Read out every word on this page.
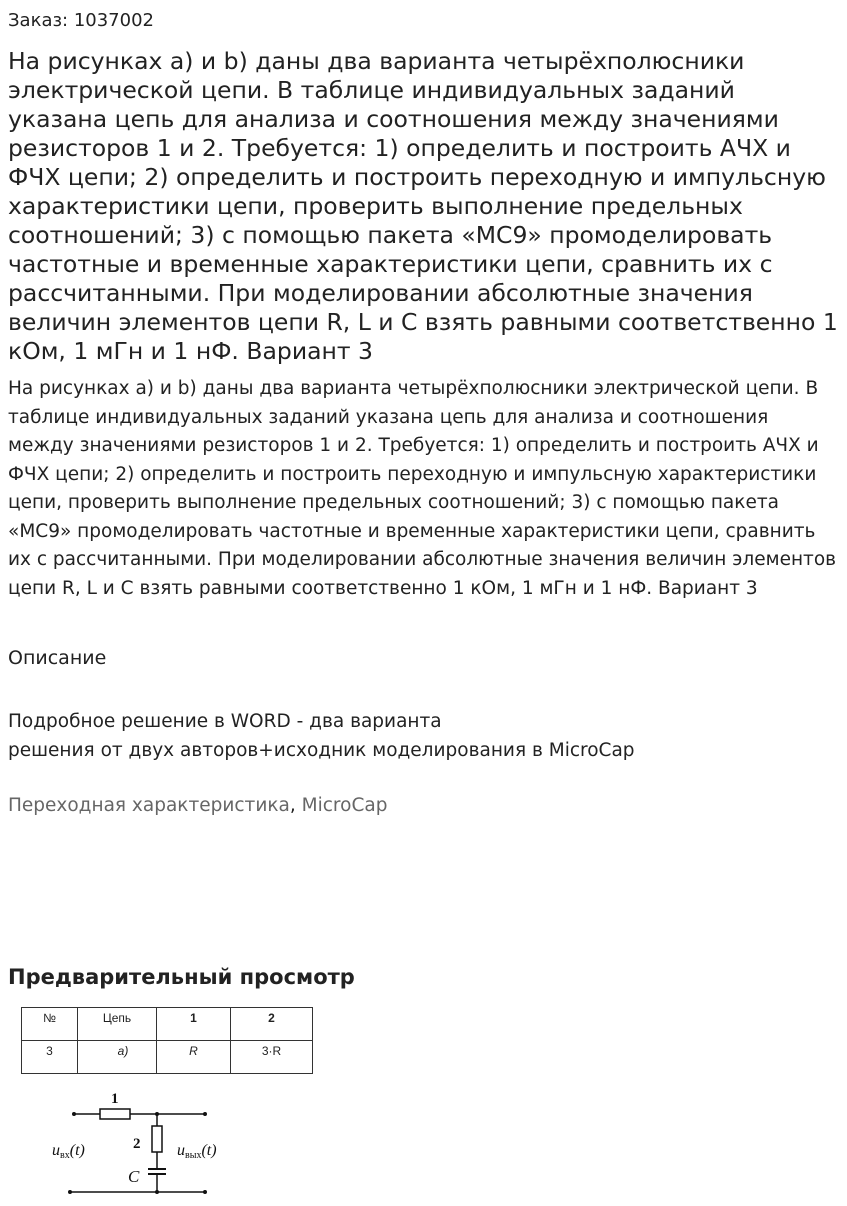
Заказ: 1037002
На рисунках а) и b) даны два варианта четырёхполюсники электрической цепи. В таблице индивидуальных заданий указана цепь для анализа и соотношения между значениями резисторов 1 и 2. Требуется: 1) определить и построить АЧХ и ФЧХ цепи; 2) определить и построить переходную и импульсную характеристики цепи, проверить выполнение предельных соотношений; 3) с помощью пакета «МС9» промоделировать частотные и временные характеристики цепи, сравнить их с рассчитанными. При моделировании абсолютные значения величин элементов цепи R, L и С взять равными соответственно 1 кОм, 1 мГн и 1 нФ. Вариант 3

На рисунках а) и b) даны два варианта четырёхполюсники электрической цепи. В таблице индивидуальных заданий указана цепь для анализа и соотношения между значениями резисторов 1 и 2. Требуется: 1) определить и построить АЧХ и ФЧХ цепи; 2) определить и построить переходную и импульсную характеристики цепи, проверить выполнение предельных соотношений; 3) с помощью пакета «МС9» промоделировать частотные и временные характеристики цепи, сравнить их с рассчитанными. При моделировании абсолютные значения величин элементов цепи R, L и С взять равными соответственно 1 кОм, 1 мГн и 1 нФ. Вариант 3

Описание
Подробное решение в WORD - два варианта
решения от двух авторов+исходник моделирования в MicroCap
Переходная характеристика, MicroCap
Предварительный просмотр
№	Цепь	1	2

3	а)	R	3·R
1
2
C
uвх(t)	uвых(t)
